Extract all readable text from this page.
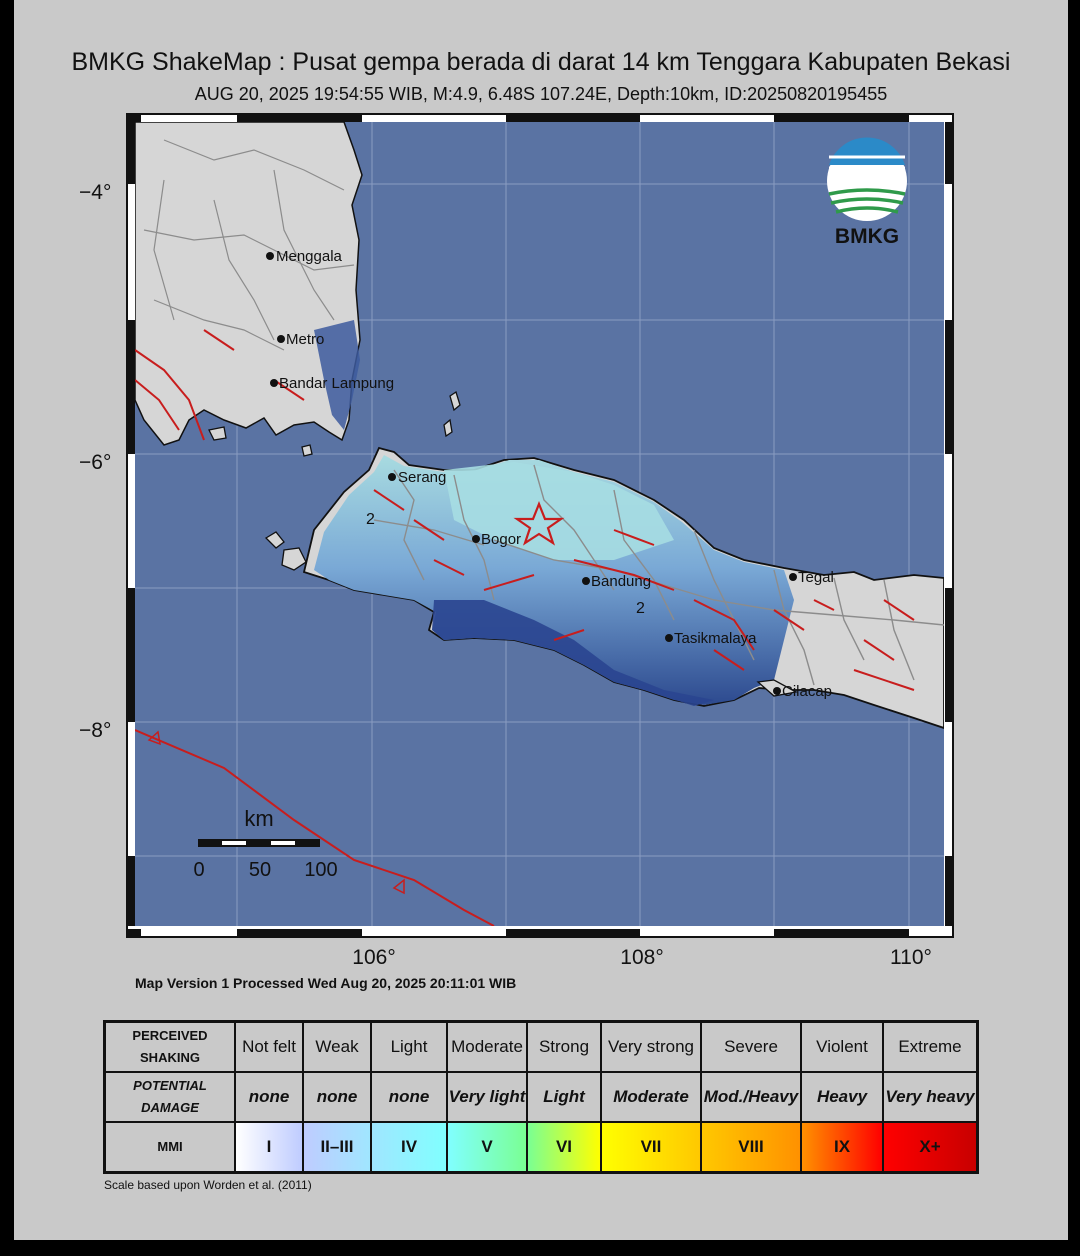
BMKG ShakeMap : Pusat gempa berada di darat 14 km Tenggara Kabupaten Bekasi
AUG 20, 2025 19:54:55 WIB, M:4.9, 6.48S 107.24E, Depth:10km, ID:20250820195455
Menggala
Metro
Bandar Lampung
Serang
Bogor
Bandung	Tegal
Tasikmalaya
Cilacap
2
2
BMKG
km
0 50 100
−4°
−6°
−8°
106°	108°	110°
Map Version 1 Processed Wed Aug 20, 2025 20:11:01 WIB
PERCEIVED
SHAKING	Not felt	Weak	Light	Moderate	Strong	Very strong	Severe	Violent	Extreme
POTENTIAL
DAMAGE	none	none	none	Very light	Light	Moderate	Mod./Heavy	Heavy	Very heavy
MMI	I	II–III	IV	V	VI	VII	VIII	IX	X+
Scale based upon Worden et al. (2011)
